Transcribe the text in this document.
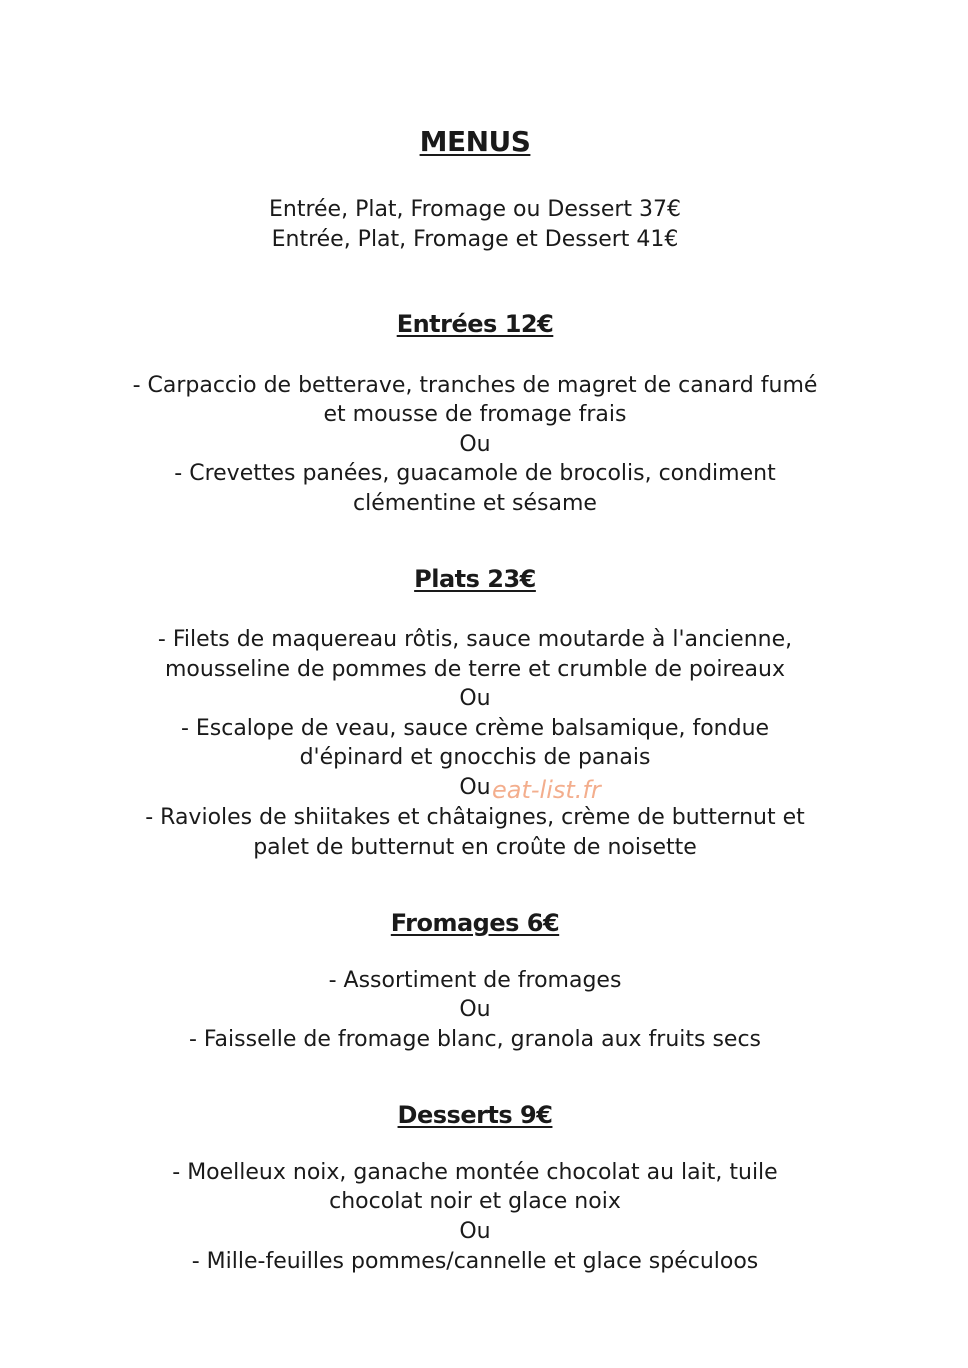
MENUS
Entrée, Plat, Fromage ou Dessert 37€
Entrée, Plat, Fromage et Dessert 41€
Entrées 12€
- Carpaccio de betterave, tranches de magret de canard fumé
et mousse de fromage frais
Ou
- Crevettes panées, guacamole de brocolis, condiment
clémentine et sésame
Plats 23€
- Filets de maquereau rôtis, sauce moutarde à l'ancienne,
mousseline de pommes de terre et crumble de poireaux
Ou
- Escalope de veau, sauce crème balsamique, fondue
d'épinard et gnocchis de panais
Ou
- Ravioles de shiitakes et châtaignes, crème de butternut et
palet de butternut en croûte de noisette
eat-list.fr
Fromages 6€
- Assortiment de fromages
Ou
- Faisselle de fromage blanc, granola aux fruits secs
Desserts 9€
- Moelleux noix, ganache montée chocolat au lait, tuile
chocolat noir et glace noix
Ou
- Mille-feuilles pommes/cannelle et glace spéculoos
